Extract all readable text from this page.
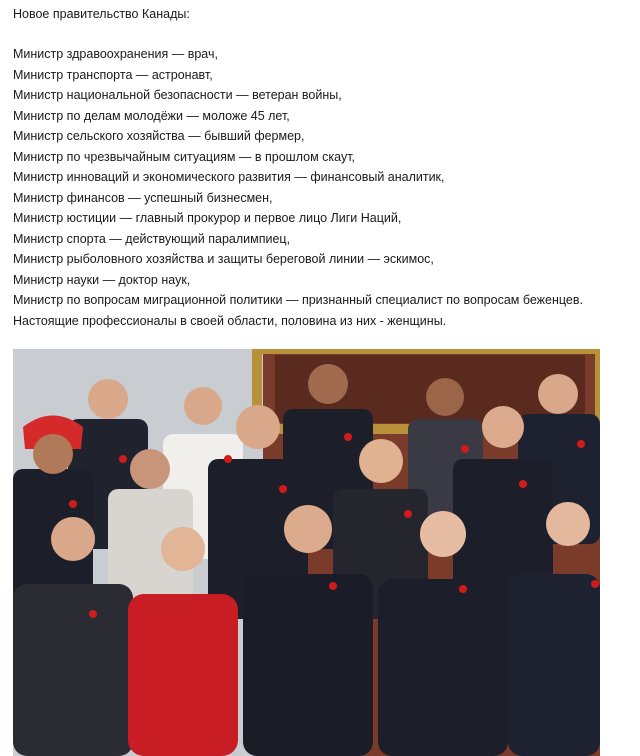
Новое правительство Канады:

Министр здравоохранения — врач,
Министр транспорта — астронавт,
Министр национальной безопасности — ветеран войны,
Министр по делам молодёжи — моложе 45 лет,
Министр сельского хозяйства — бывший фермер,
Министр по чрезвычайным ситуациям — в прошлом скаут,
Министр инноваций и экономического развития — финансовый аналитик,
Министр финансов — успешный бизнесмен,
Министр юстиции — главный прокурор и первое лицо Лиги Наций,
Министр спорта — действующий паралимпиец,
Министр рыболовного хозяйства и защиты береговой линии — эскимос,
Министр науки — доктор наук,
Министр по вопросам миграционной политики — признанный специалист по вопросам беженцев.

Настоящие профессионалы в своей области, половина из них - женщины.
